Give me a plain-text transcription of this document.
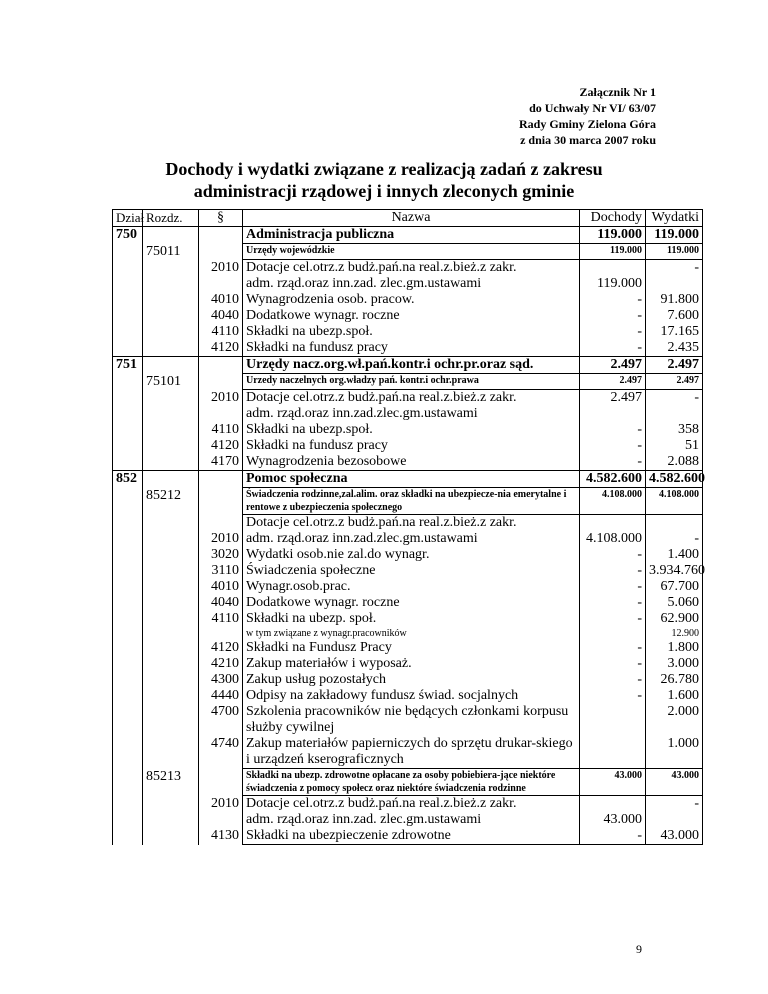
Załącznik Nr 1
do Uchwały Nr VI/ 63/07
Rady Gminy Zielona Góra
z dnia 30 marca 2007 roku
Dochody i wydatki związane z realizacją zadań z zakresu
administracji rządowej i innych zleconych gminie
Dział	Rozdz.	§	Nazwa	Dochody	Wydatki
750			Administracja publiczna	119.000	119.000
	75011		Urzędy wojewódzkie	119.000	119.000
		2010	Dotacje cel.otrz.z budż.pań.na real.z.bież.z zakr.		-
			adm. rząd.oraz inn.zad. zlec.gm.ustawami	119.000	
		4010	Wynagrodzenia osob. pracow.	-	91.800
		4040	Dodatkowe wynagr. roczne	-	7.600
		4110	Składki na ubezp.społ.	-	17.165
		4120	Składki na fundusz pracy	-	2.435
751			Urzędy nacz.org.wł.pań.kontr.i ochr.pr.oraz sąd.	2.497	2.497
	75101		Urzedy naczelnych org.władzy pań. kontr.i ochr.prawa	2.497	2.497
		2010	Dotacje cel.otrz.z budż.pań.na real.z.bież.z zakr.	2.497	-
			adm. rząd.oraz inn.zad.zlec.gm.ustawami		
		4110	Składki na ubezp.społ.	-	358
		4120	Składki na fundusz pracy	-	51
		4170	Wynagrodzenia bezosobowe	-	2.088
852			Pomoc społeczna	4.582.600	4.582.600
	85212		Świadczenia rodzinne,zal.alim. oraz składki na ubezpiecze-nia emerytalne i rentowe z ubezpieczenia społecznego	4.108.000	4.108.000
			Dotacje cel.otrz.z budż.pań.na real.z.bież.z zakr.		
		2010	adm. rząd.oraz inn.zad.zlec.gm.ustawami	4.108.000	-
		3020	Wydatki osob.nie zal.do wynagr.	-	1.400
		3110	Świadczenia społeczne	-	3.934.760
		4010	Wynagr.osob.prac.	-	67.700
		4040	Dodatkowe wynagr. roczne	-	5.060
		4110	Składki na ubezp. społ.	-	62.900
			w tym związane z wynagr.pracowników		12.900
		4120	Składki na Fundusz Pracy	-	1.800
		4210	Zakup materiałów i wyposaż.	-	3.000
		4300	Zakup usług pozostałych	-	26.780
		4440	Odpisy na zakładowy fundusz świad. socjalnych	-	1.600
		4700	Szkolenia pracowników nie będących członkami korpusu służby cywilnej		2.000
		4740	Zakup materiałów papierniczych do sprzętu drukar-skiego i urządzeń kserograficznych		1.000
	85213		Składki na ubezp. zdrowotne opłacane za osoby pobiebiera-jące niektóre świadczenia z pomocy społecz oraz niektóre świadczenia rodzinne	43.000	43.000
		2010	Dotacje cel.otrz.z budż.pań.na real.z.bież.z zakr.		-
			adm. rząd.oraz inn.zad. zlec.gm.ustawami	43.000	
		4130	Składki na ubezpieczenie zdrowotne	-	43.000
9
